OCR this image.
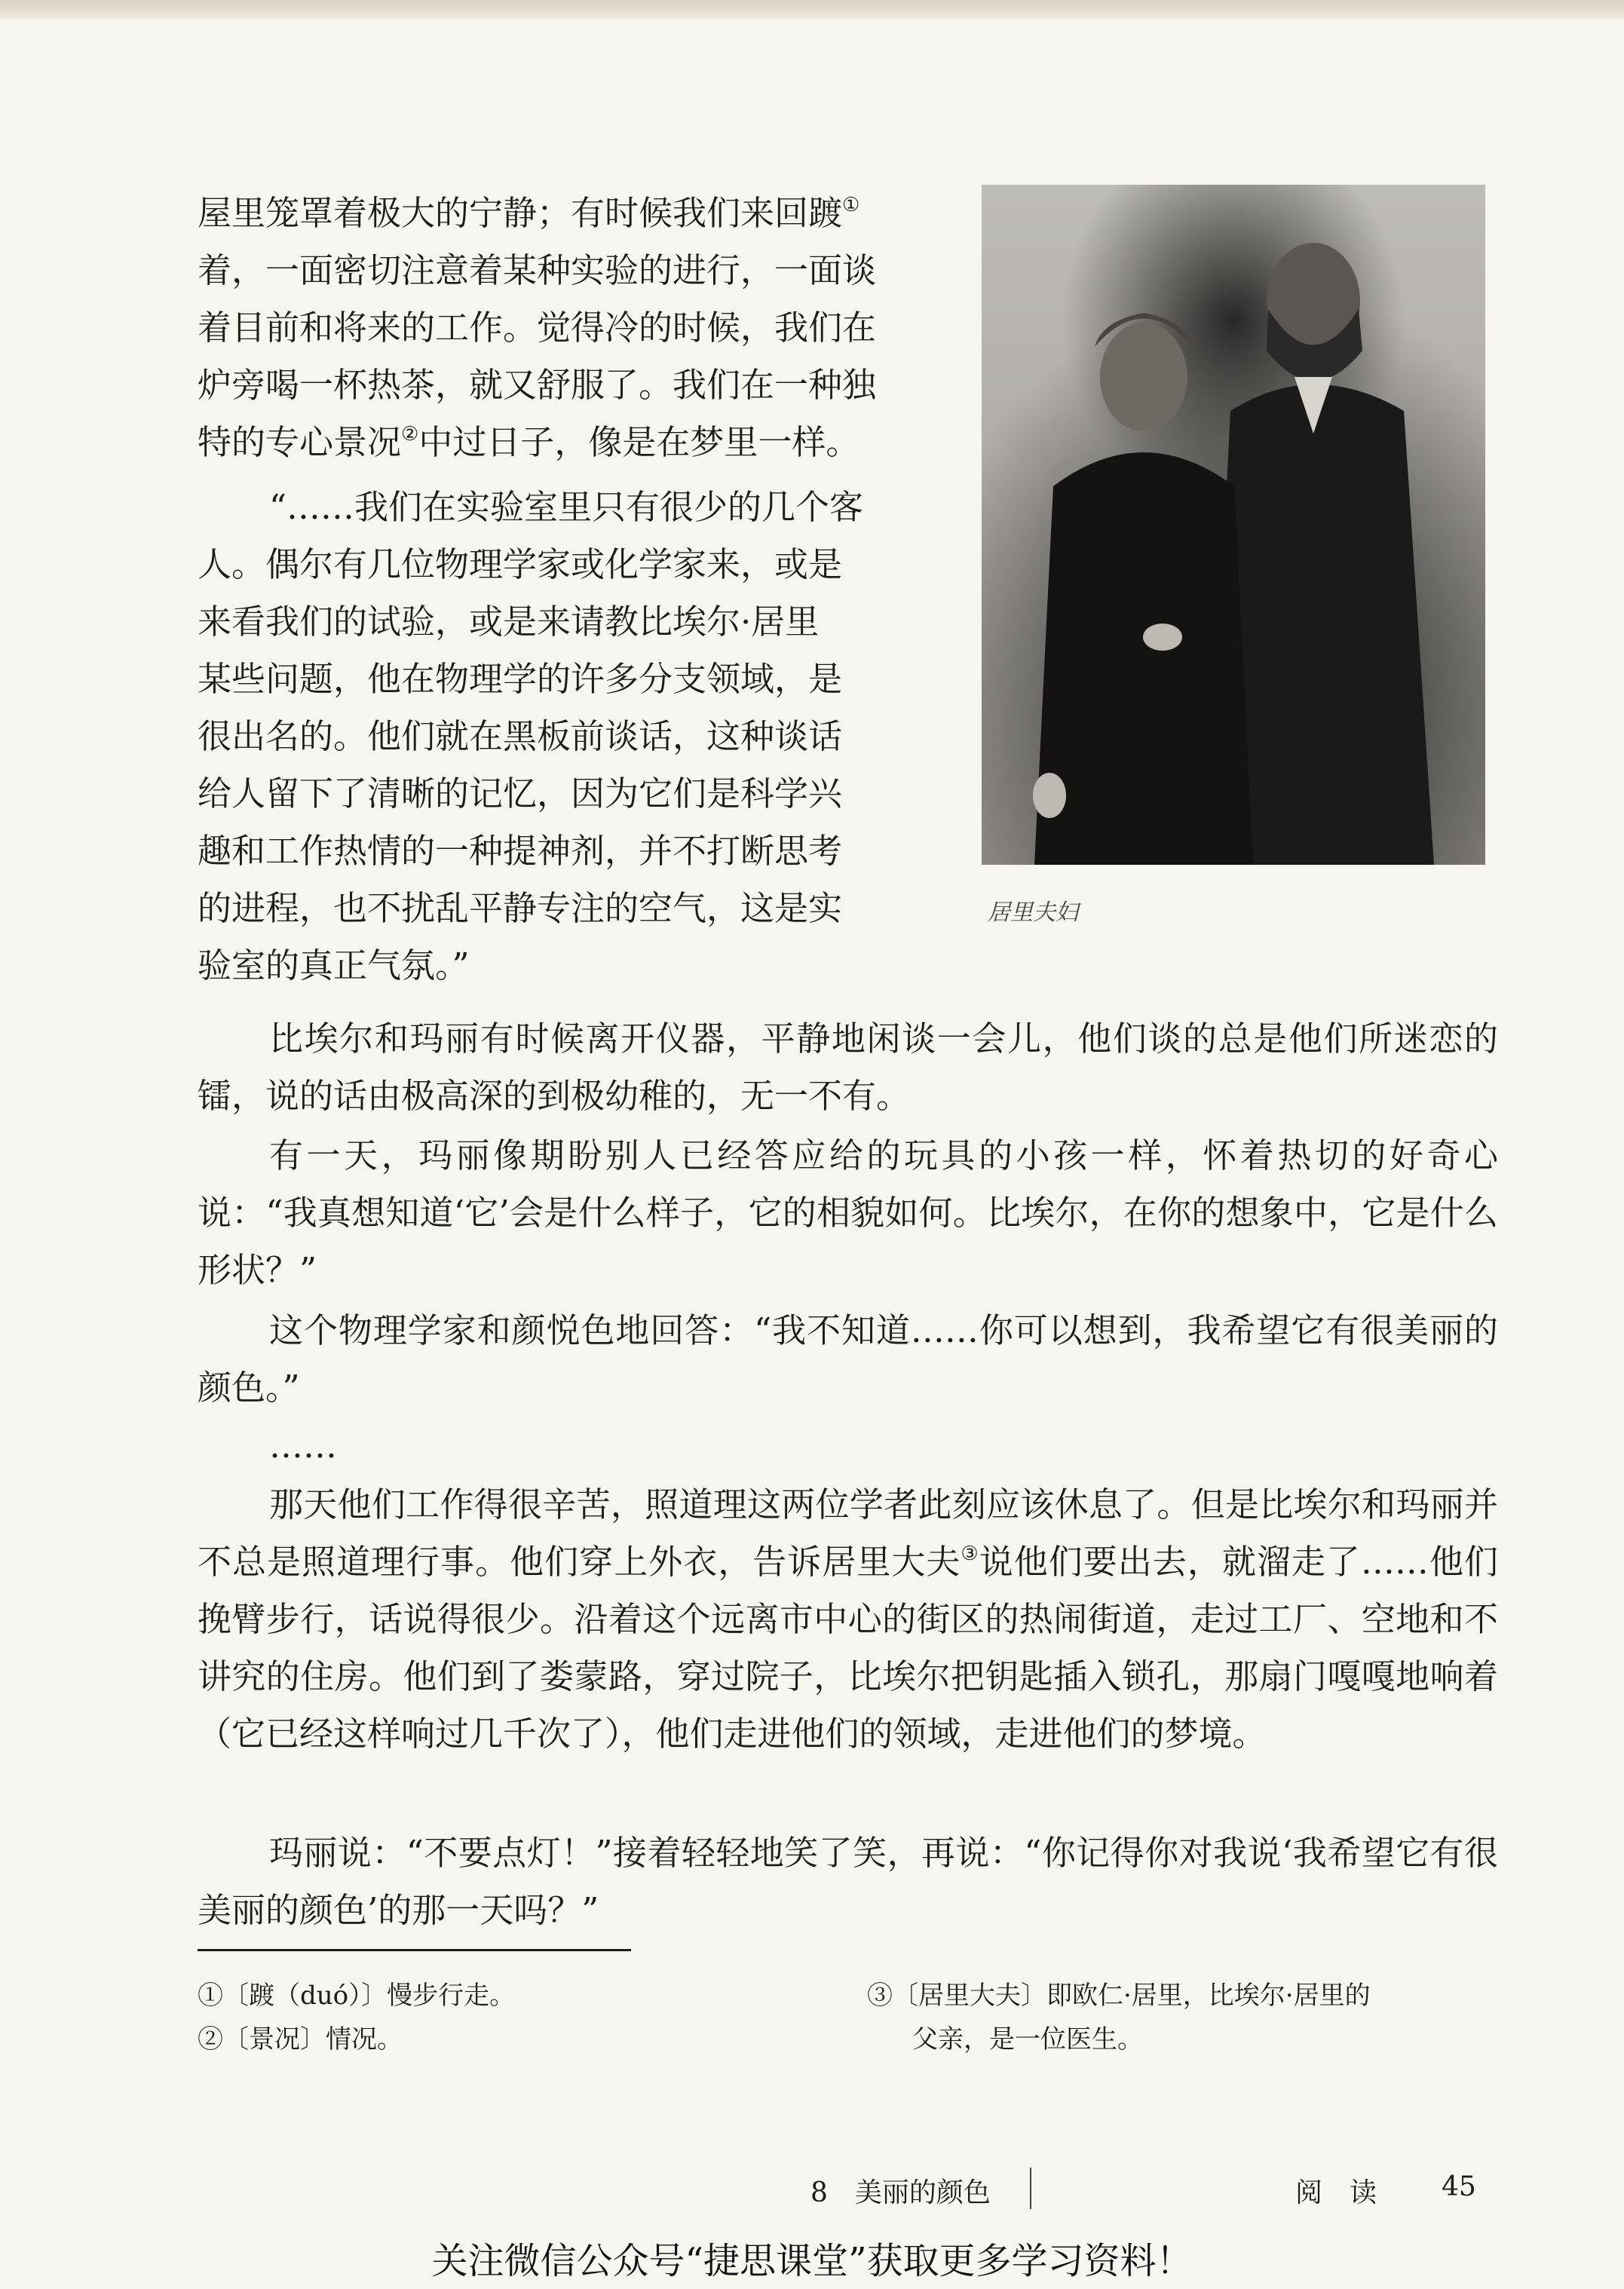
屋里笼罩着极大的宁静；有时候我们来回踱①
着，一面密切注意着某种实验的进行，一面谈
着目前和将来的工作。觉得冷的时候，我们在
炉旁喝一杯热茶，就又舒服了。我们在一种独
特的专心景况②中过日子，像是在梦里一样。
“……我们在实验室里只有很少的几个客
人。偶尔有几位物理学家或化学家来，或是
来看我们的试验，或是来请教比埃尔·居里
某些问题，他在物理学的许多分支领域，是
很出名的。他们就在黑板前谈话，这种谈话
给人留下了清晰的记忆，因为它们是科学兴
趣和工作热情的一种提神剂，并不打断思考
的进程，也不扰乱平静专注的空气，这是实
验室的真正气氛。”
居里夫妇

比埃尔和玛丽有时候离开仪器，平静地闲谈一会儿，他们谈的总是他们所迷恋的镭，说的话由极高深的到极幼稚的，无一不有。

有一天，玛丽像期盼别人已经答应给的玩具的小孩一样，怀着热切的好奇心说：“我真想知道‘它’会是什么样子，它的相貌如何。比埃尔，在你的想象中，它是什么形状？”

这个物理学家和颜悦色地回答：“我不知道……你可以想到，我希望它有很美丽的颜色。”

……

那天他们工作得很辛苦，照道理这两位学者此刻应该休息了。但是比埃尔和玛丽并不总是照道理行事。他们穿上外衣，告诉居里大夫③说他们要出去，就溜走了……他们挽臂步行，话说得很少。沿着这个远离市中心的街区的热闹街道，走过工厂、空地和不讲究的住房。他们到了娄蒙路，穿过院子，比埃尔把钥匙插入锁孔，那扇门嘎嘎地响着（它已经这样响过几千次了），他们走进他们的领域，走进他们的梦境。

玛丽说：“不要点灯！”接着轻轻地笑了笑，再说：“你记得你对我说‘我希望它有很美丽的颜色’的那一天吗？”

①〔踱（duó）〕慢步行走。

②〔景况〕情况。

③〔居里大夫〕即欧仁·居里，比埃尔·居里的

父亲，是一位医生。

8　美丽的颜色	阅　读 45
关注微信公众号“捷思课堂”获取更多学习资料！
